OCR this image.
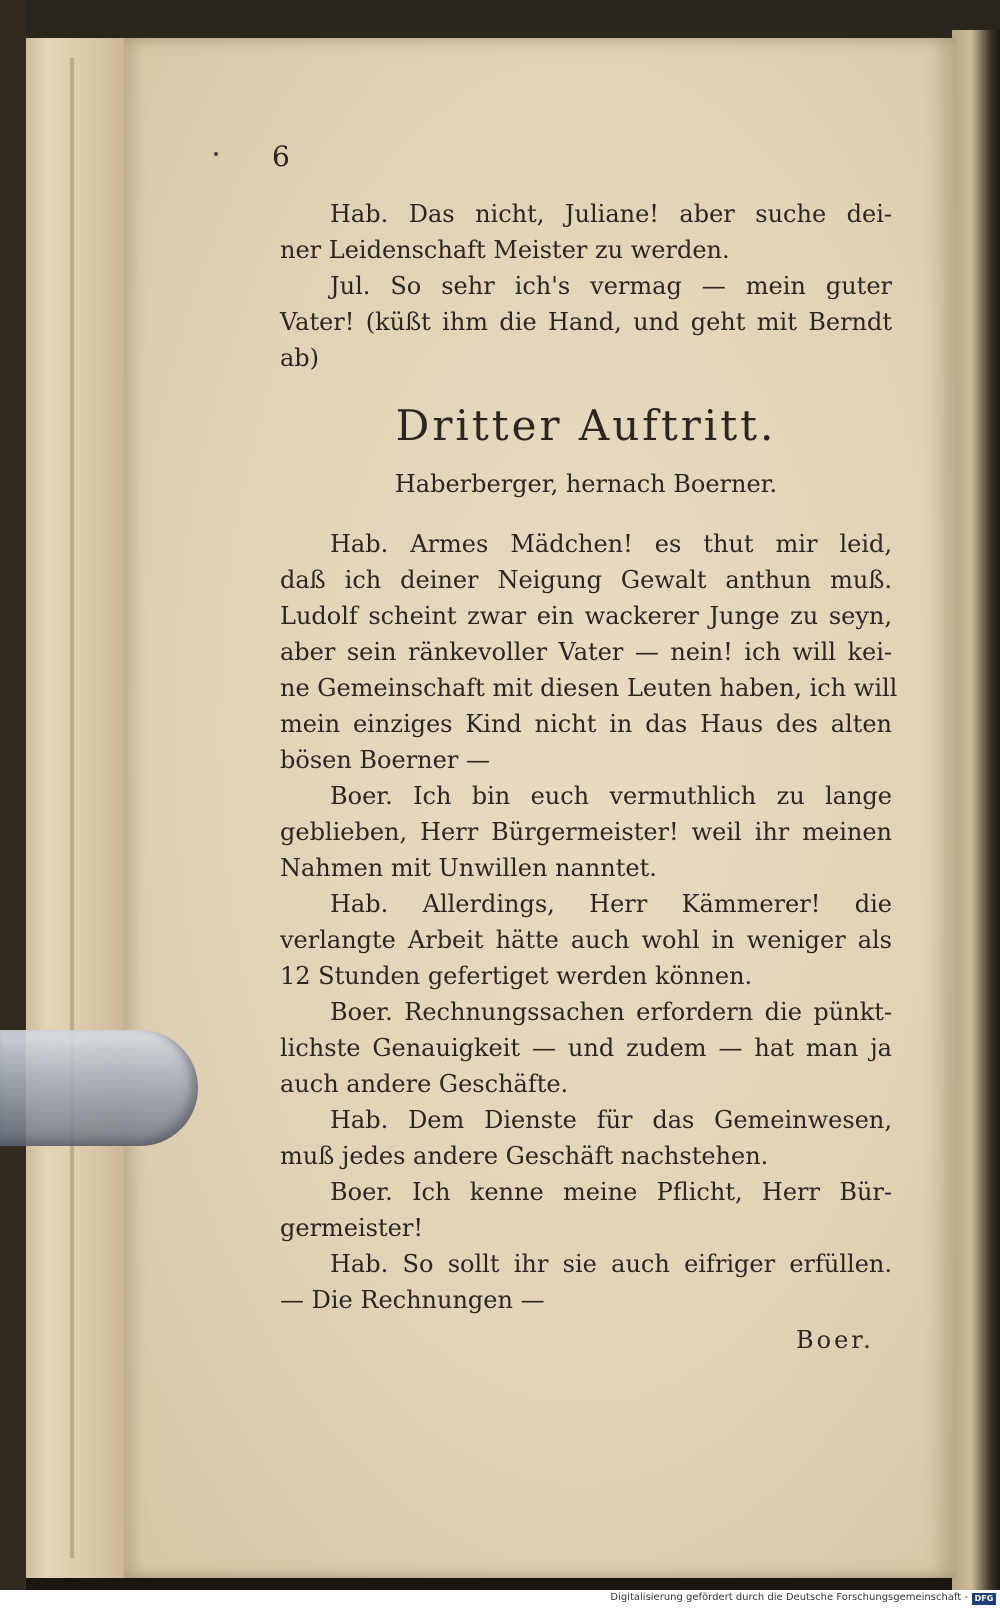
6
Hab. Das nicht, Juliane! aber suche dei-
ner Leidenschaft Meister zu werden.
Jul. So sehr ich's vermag — mein guter
Vater! (küßt ihm die Hand, und geht mit Berndt
ab)
Dritter Auftritt.
Haberberger, hernach Boerner.
Hab. Armes Mädchen! es thut mir leid,
daß ich deiner Neigung Gewalt anthun muß.
Ludolf scheint zwar ein wackerer Junge zu seyn,
aber sein ränkevoller Vater — nein! ich will kei-
ne Gemeinschaft mit diesen Leuten haben, ich will
mein einziges Kind nicht in das Haus des alten
bösen Boerner —
Boer. Ich bin euch vermuthlich zu lange
geblieben, Herr Bürgermeister! weil ihr meinen
Nahmen mit Unwillen nanntet.
Hab. Allerdings, Herr Kämmerer! die
verlangte Arbeit hätte auch wohl in weniger als
12 Stunden gefertiget werden können.
Boer. Rechnungssachen erfordern die pünkt-
lichste Genauigkeit — und zudem — hat man ja
auch andere Geschäfte.
Hab. Dem Dienste für das Gemeinwesen,
muß jedes andere Geschäft nachstehen.
Boer. Ich kenne meine Pflicht, Herr Bür-
germeister!
Hab. So sollt ihr sie auch eifriger erfüllen.
— Die Rechnungen —
Boer.
Digitalisierung gefördert durch die Deutsche Forschungsgemeinschaft - DFG
